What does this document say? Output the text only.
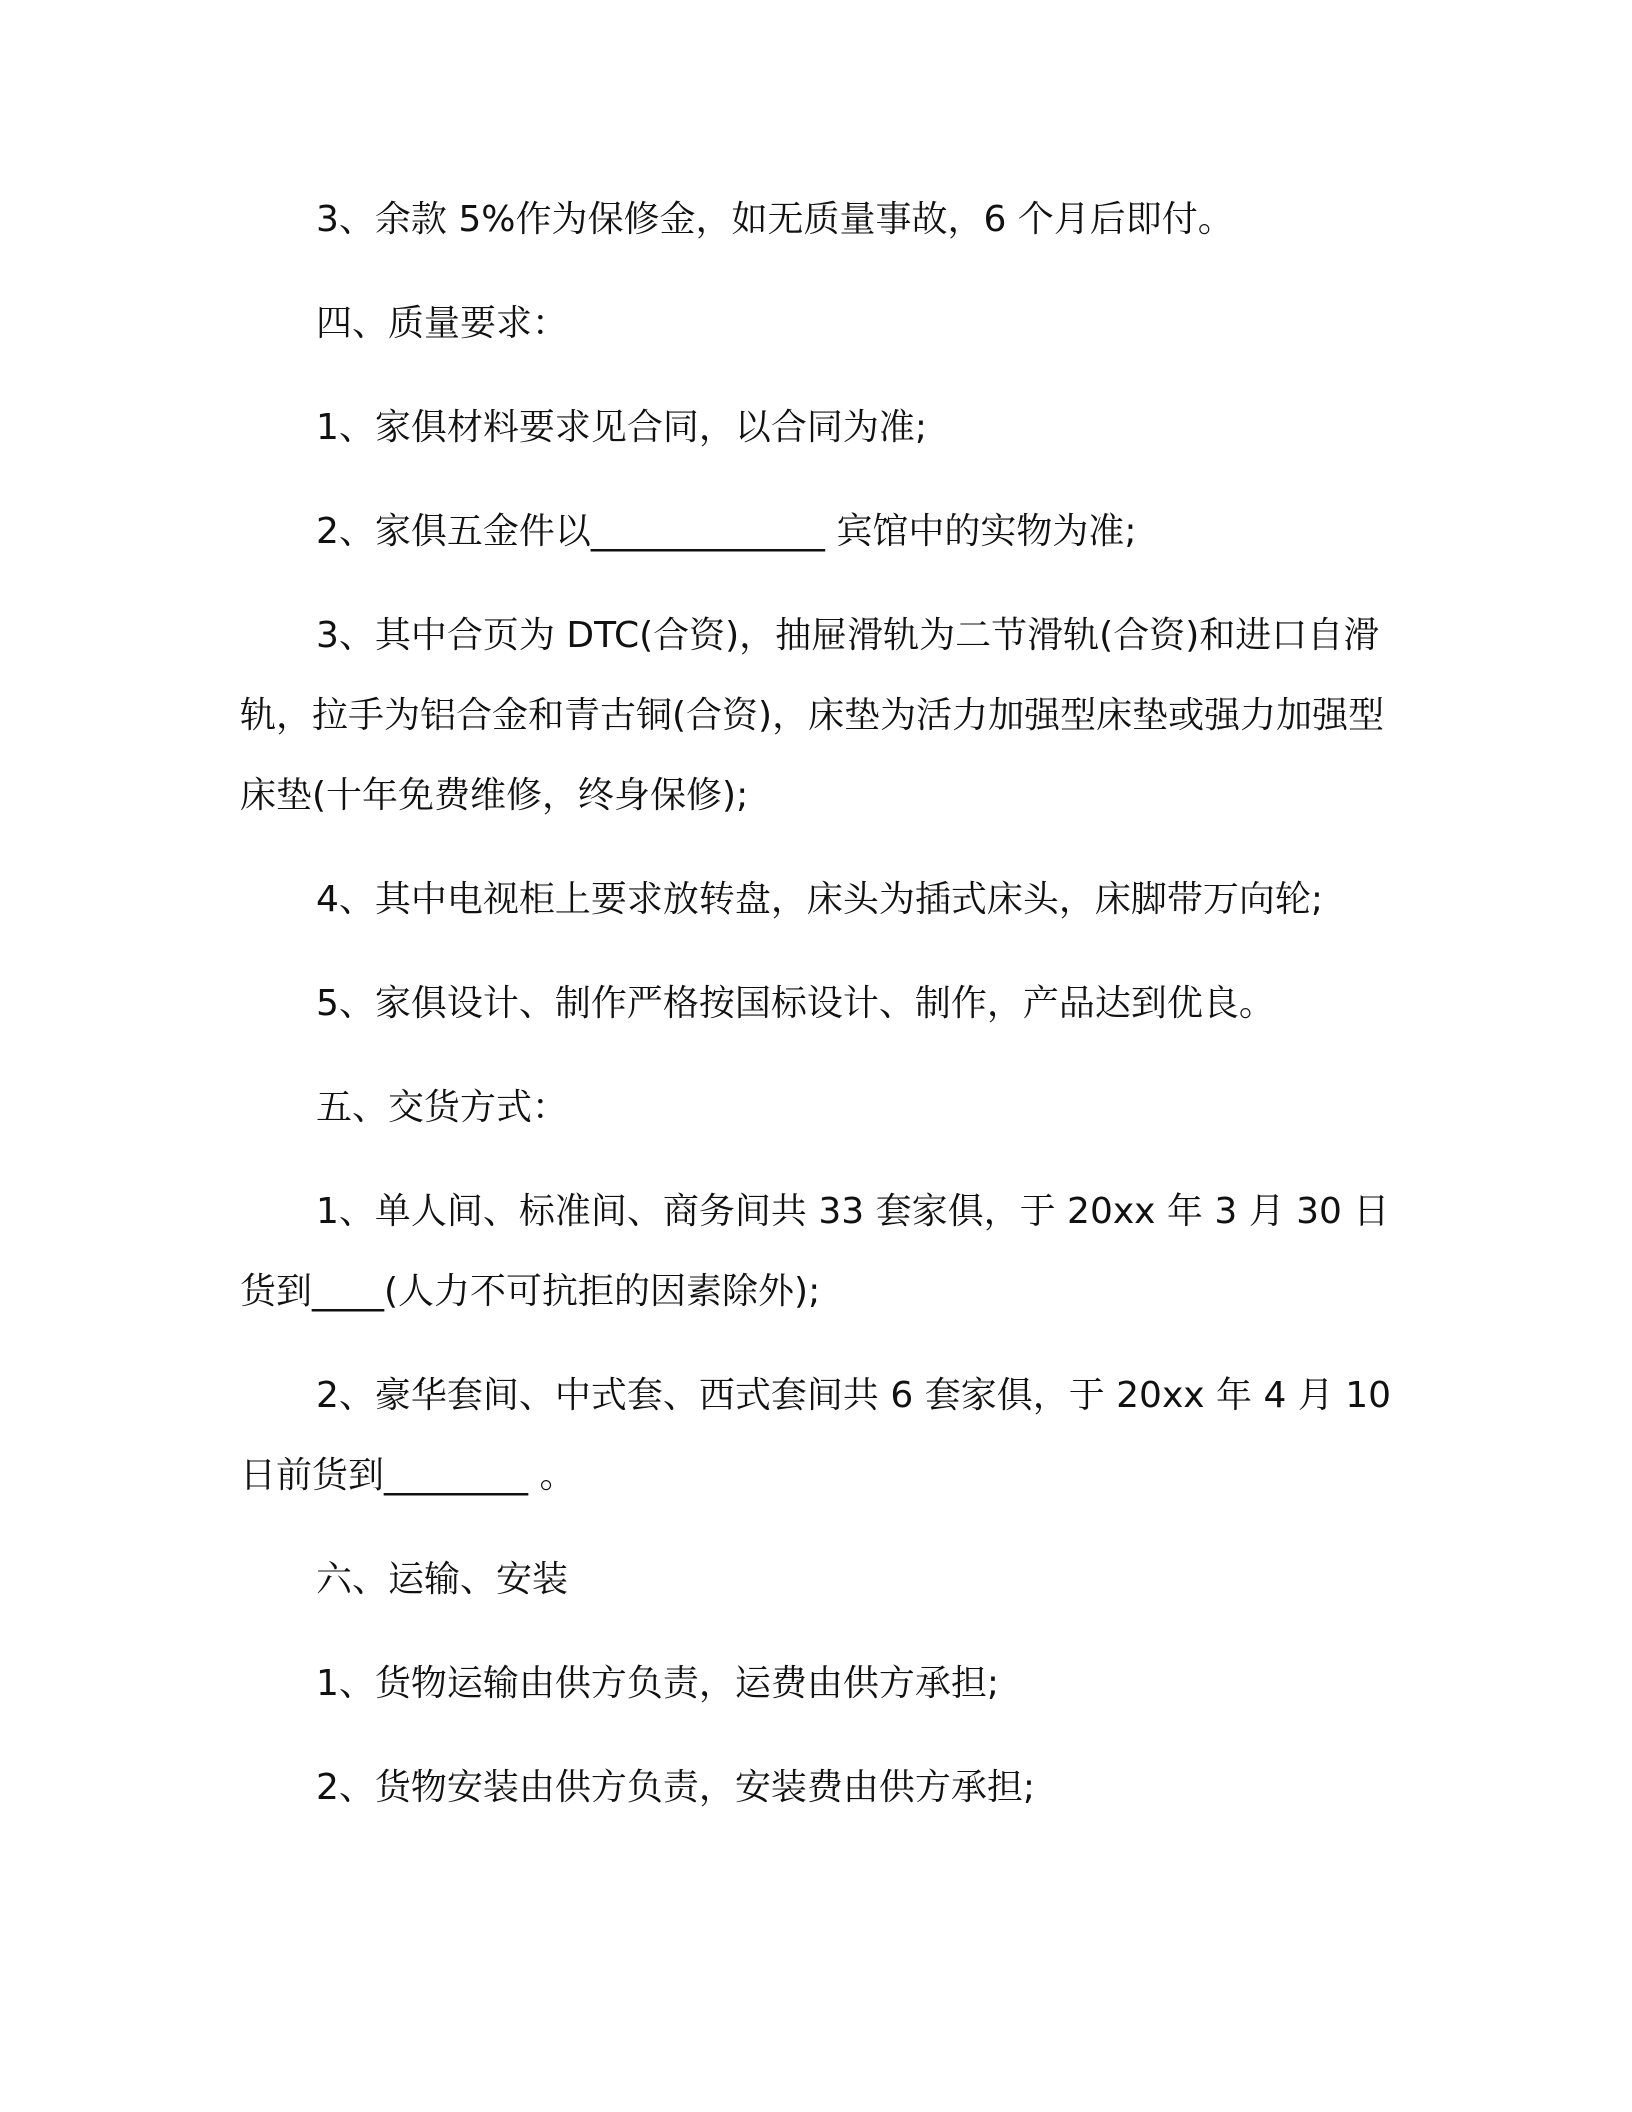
3、余款 5%作为保修金，如无质量事故，6 个月后即付。

四、质量要求：

1、家俱材料要求见合同，以合同为准;

2、家俱五金件以_____________ 宾馆中的实物为准;

3、其中合页为 DTC(合资)，抽屉滑轨为二节滑轨(合资)和进口自滑轨，拉手为铝合金和青古铜(合资)，床垫为活力加强型床垫或强力加强型床垫(十年免费维修，终身保修);

4、其中电视柜上要求放转盘，床头为插式床头，床脚带万向轮;

5、家俱设计、制作严格按国标设计、制作，产品达到优良。

五、交货方式：

1、单人间、标准间、商务间共 33 套家俱，于 20xx 年 3 月 30 日货到____(人力不可抗拒的因素除外);

2、豪华套间、中式套、西式套间共 6 套家俱，于 20xx 年 4 月 10 日前货到________ 。

六、运输、安装

1、货物运输由供方负责，运费由供方承担;

2、货物安装由供方负责，安装费由供方承担;
